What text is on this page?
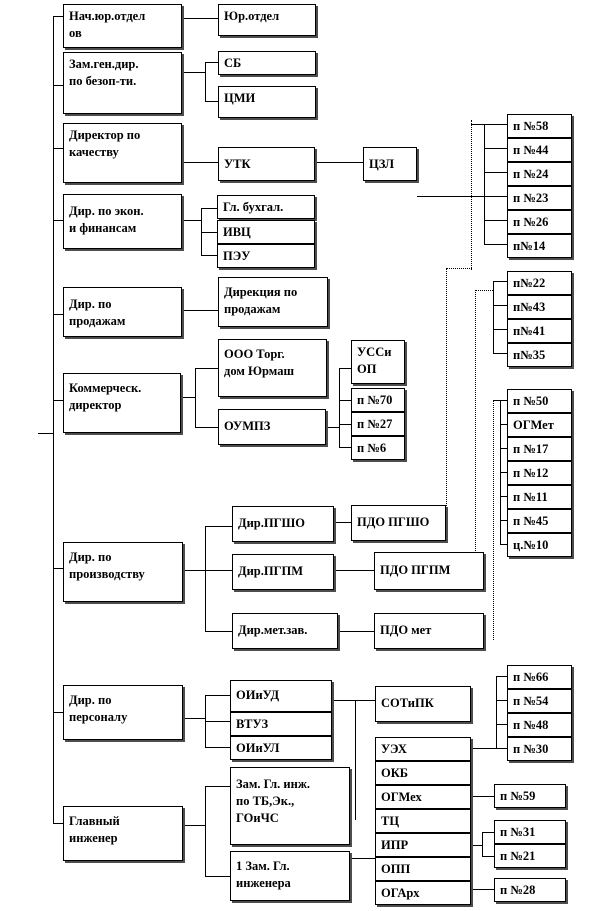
Нач.юр.отдел
ов
Юр.отдел
Зам.ген.дир.
по безоп-ти.
СБ
ЦМИ
Директор по
качеству
УТК	ЦЗЛ
Дир. по экон.
и финансам
Гл. бухгал.
ИВЦ
ПЭУ
Дир. по
продажам
Дирекция по
продажам
Коммерческ.
директор
ООО Торг.
дом Юрмаш
ОУМПЗ
УССи
ОП
п №70
п №27
п №6
п №58
п №44
п №24
п №23
п №26
п№14
п№22
п№43
п№41
п№35
п №50
ОГМет
п №17
п №12
п №11
п №45
ц.№10
Дир. по
производству
Дир.ПГШО	ПДО ПГШО
Дир.ПГПМ	ПДО ПГПМ
Дир.мет.зав.	ПДО мет
Дир. по
персоналу
ОИиУД
ВТУЗ
ОИиУЛ
СОТиПК
п №66
п №54
п №48
п №30
Главный
инженер
Зам. Гл. инж.
по ТБ,Эк.,
ГОиЧС
1 Зам. Гл.
инженера
УЭХ
ОКБ
ОГМех
ТЦ
ИПР
ОПП
ОГАрх
п №59
п №31
п №21
п №28
